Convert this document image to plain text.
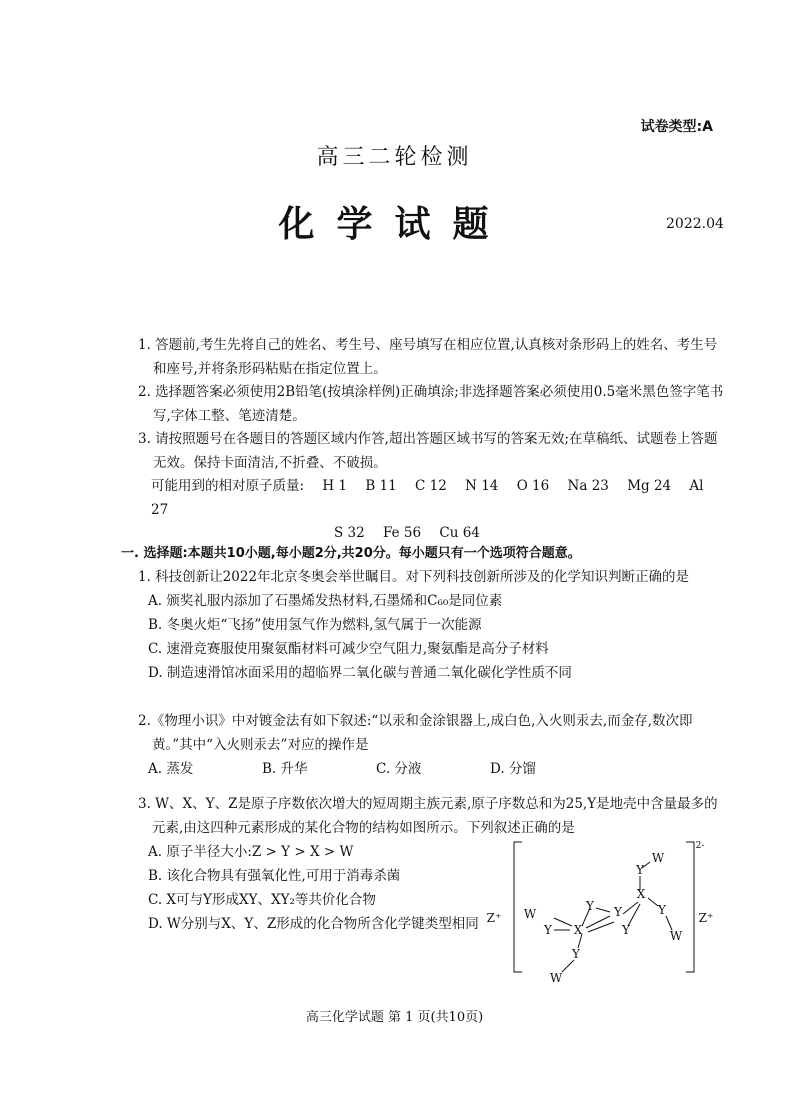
试卷类型:A
高三二轮检测
化学试题	2022.04

1. 答题前,考生先将自己的姓名、考生号、座号填写在相应位置,认真核对条形码上的姓名、考生号和座号,并将条形码粘贴在指定位置上。

2. 选择题答案必须使用2B铅笔(按填涂样例)正确填涂;非选择题答案必须使用0.5毫米黑色签字笔书写,字体工整、笔迹清楚。

3. 请按照题号在各题目的答题区域内作答,超出答题区域书写的答案无效;在草稿纸、试题卷上答题无效。保持卡面清洁,不折叠、不破损。

可能用到的相对原子质量: H 1 B 11 C 12 N 14 O 16 Na 23 Mg 24 Al 27

S 32 Fe 56 Cu 64

一. 选择题:本题共10小题,每小题2分,共20分。每小题只有一个选项符合题意。

1. 科技创新让2022年北京冬奥会举世瞩目。对下列科技创新所涉及的化学知识判断正确的是

A. 颁奖礼服内添加了石墨烯发热材料,石墨烯和C₆₀是同位素

B. 冬奥火炬“飞扬”使用氢气作为燃料,氢气属于一次能源

C. 速滑竞赛服使用聚氨酯材料可减少空气阻力,聚氨酯是高分子材料

D. 制造速滑馆冰面采用的超临界二氧化碳与普通二氧化碳化学性质不同

2.《物理小识》中对镀金法有如下叙述:“以汞和金涂银器上,成白色,入火则汞去,而金存,数次即黄。”其中“入火则汞去”对应的操作是

A. 蒸发	B. 升华	C. 分液	D. 分馏

3. W、X、Y、Z是原子序数依次增大的短周期主族元素,原子序数总和为25,Y是地壳中含量最多的元素,由这四种元素形成的某化合物的结构如图所示。下列叙述正确的是

A. 原子半径大小:Z > Y > X > W

B. 该化合物具有强氧化性,可用于消毒杀菌

C. X可与Y形成XY、XY₂等共价化合物

D. W分别与X、Y、Z形成的化合物所含化学键类型相同 Z⁺	Z⁺
2-
W
Y X
Y
X
Y
Y
W
Y
Y
W
Y
W
高三化学试题 第 1 页(共10页)
